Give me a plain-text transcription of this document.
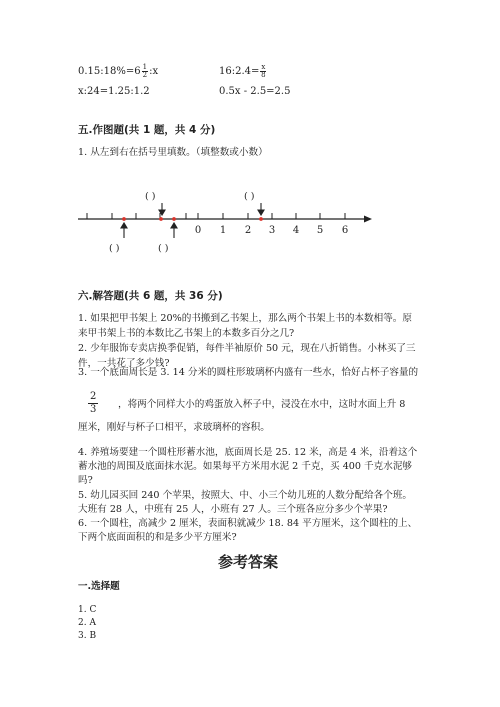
0.15:18%=6 $\frac{1}{2}$ :x	16:2.4= $\frac{x}{8}$
x:24=1.25:1.2	0.5x - 2.5=2.5
五.作图题(共 1 题，共 4 分)
1. 从左到右在括号里填数。（填整数或小数）
0 1 2 3 4 5 6
( )	( )
( )	( )
六.解答题(共 6 题，共 36 分)
1. 如果把甲书架上 20%的书搬到乙书架上，那么两个书架上书的本数相等。原
来甲书架上书的本数比乙书架上的本数多百分之几?
2. 少年服饰专卖店换季促销，每件半袖原价 50 元，现在八折销售。小林买了三
件，一共花了多少钱?
3. 一个底面周长是 3. 14 分米的圆柱形玻璃杯内盛有一些水，恰好占杯子容量的
2
3 ，将两个同样大小的鸡蛋放入杯子中，浸没在水中，这时水面上升 8
厘米，刚好与杯子口相平，求玻璃杯的容积。
4. 养殖场要建一个圆柱形蓄水池，底面周长是 25. 12 米，高是 4 米，沿着这个
蓄水池的周围及底面抹水泥。如果每平方米用水泥 2 千克，买 400 千克水泥够
吗?
5. 幼儿园买回 240 个苹果，按照大、中、小三个幼儿班的人数分配给各个班。
大班有 28 人，中班有 25 人，小班有 27 人。三个班各应分多少个苹果?
6. 一个圆柱，高减少 2 厘米，表面积就减少 18. 84 平方厘米，这个圆柱的上、
下两个底面面积的和是多少平方厘米?
参考答案
一.选择题
1. C
2. A
3. B
